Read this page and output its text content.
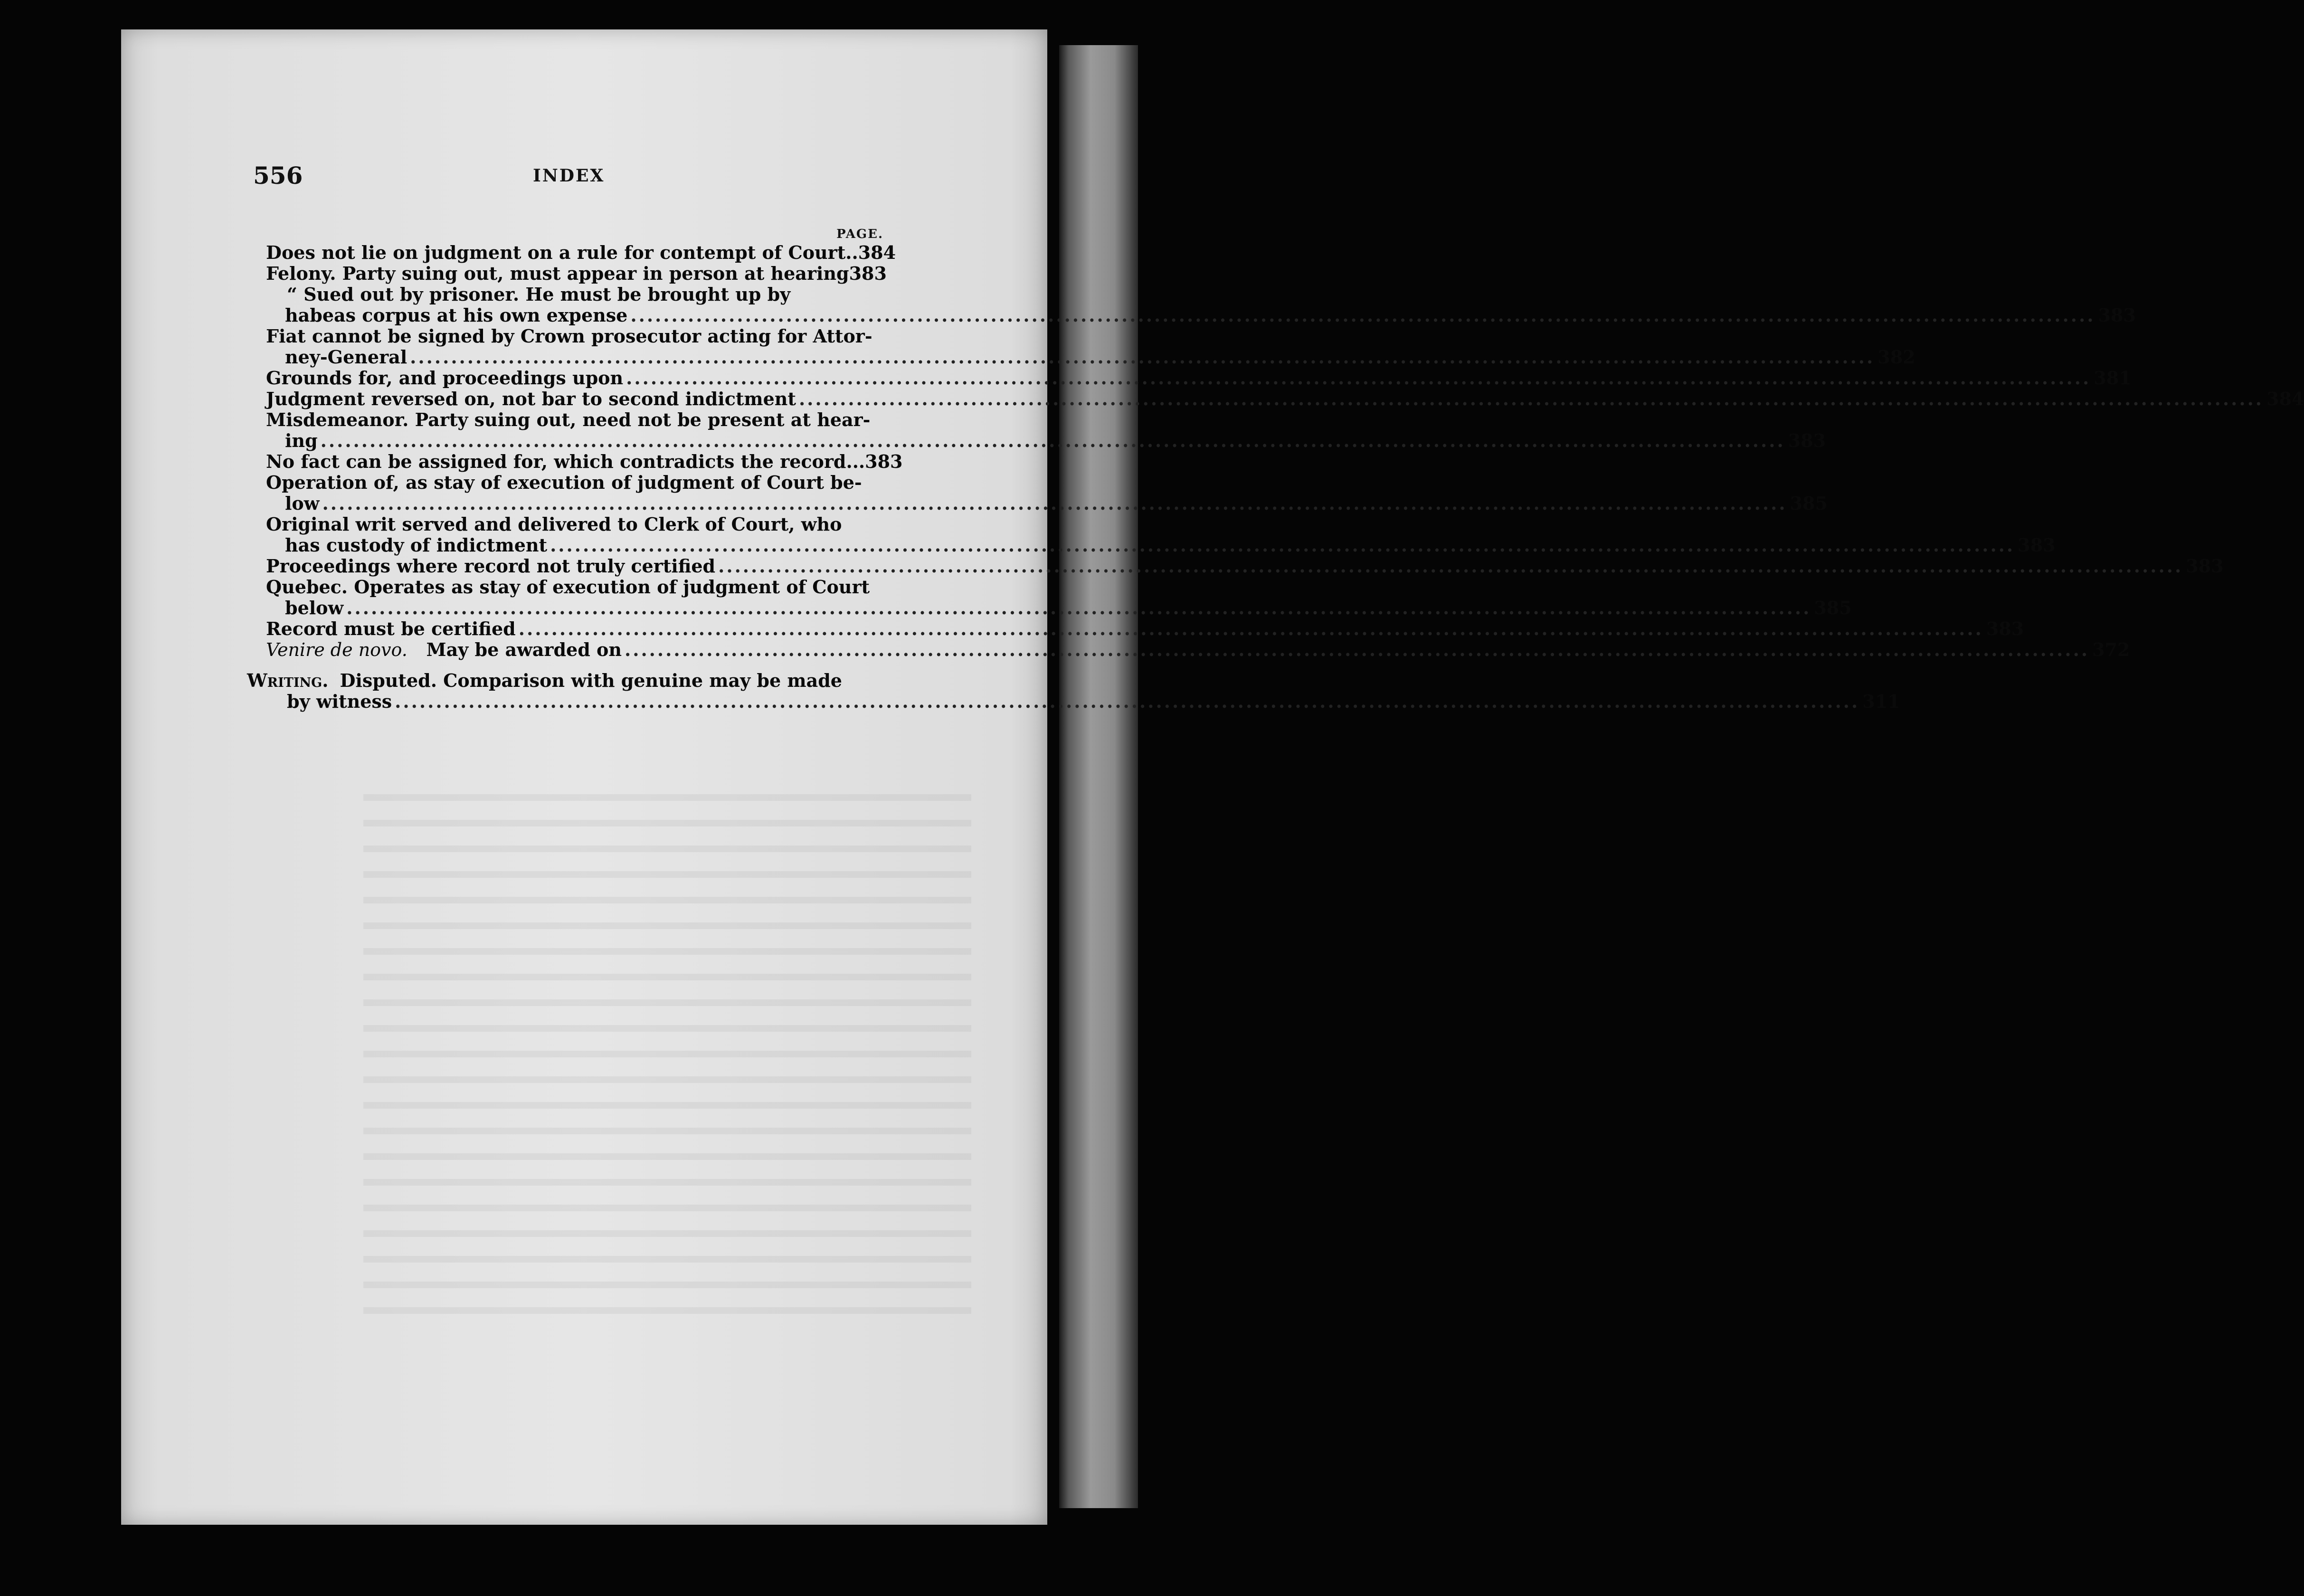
556	INDEX
PAGE.
Does not lie on judgment on a rule for contempt of Court.. 384
Felony. Party suing out, must appear in person at hearing 383
“ Sued out by prisoner. He must be brought up by
habeas corpus at his own expense .....	383
Fiat cannot be signed by Crown prosecutor acting for Attor-
ney-General .....	382
Grounds for, and proceedings upon .....	381
Judgment reversed on, not bar to second indictment .....	384
Misdemeanor. Party suing out, need not be present at hear-
ing .....	383
No fact can be assigned for, which contradicts the record... 383
Operation of, as stay of execution of judgment of Court be-
low .....	385
Original writ served and delivered to Clerk of Court, who
has custody of indictment .....	383
Proceedings where record not truly certified .....	383
Quebec. Operates as stay of execution of judgment of Court
below .....	385
Record must be certified .....	383
Venire de novo. May be awarded on .....	372
Writing. Disputed. Comparison with genuine may be made
by witness .....	311
